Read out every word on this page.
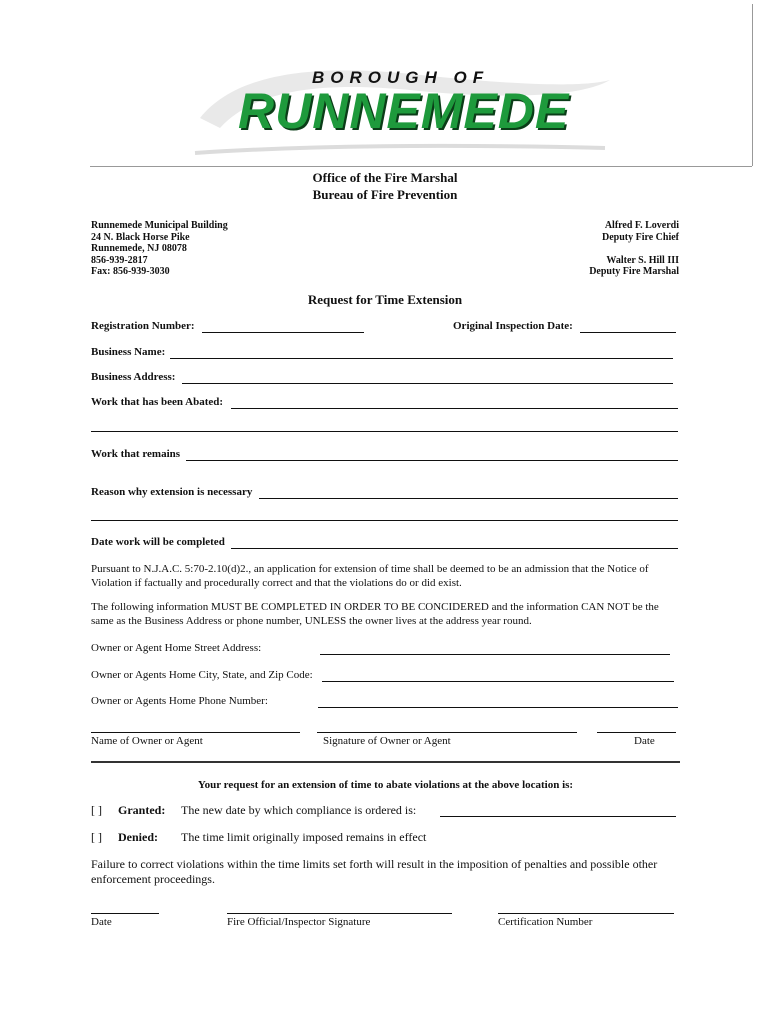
BOROUGH OF
RUNNEMEDE
Office of the Fire Marshal
Bureau of Fire Prevention
Runnemede Municipal Building
24 N. Black Horse Pike
Runnemede, NJ 08078
856-939-2817
Fax: 856-939-3030
Alfred F. Loverdi
Deputy Fire Chief
Walter S. Hill III
Deputy Fire Marshal
Request for Time Extension
Registration Number:	Original Inspection Date:
Business Name:
Business Address:
Work that has been Abated:
Work that remains
Reason why extension is necessary
Date work will be completed
Pursuant to N.J.A.C. 5:70-2.10(d)2., an application for extension of time shall be deemed to be an admission that the Notice of Violation if factually and procedurally correct and that the violations do or did exist.
The following information MUST BE COMPLETED IN ORDER TO BE CONCIDERED and the information CAN NOT be the same as the Business Address or phone number, UNLESS the owner lives at the address year round.
Owner or Agent Home Street Address:
Owner or Agents Home City, State, and Zip Code:
Owner or Agents Home Phone Number:
Name of Owner or Agent	Signature of Owner or Agent	Date
Your request for an extension of time to abate violations at the above location is:
[ ] Granted: The new date by which compliance is ordered is:
[ ] Denied: The time limit originally imposed remains in effect
Failure to correct violations within the time limits set forth will result in the imposition of penalties and possible other enforcement proceedings.
Date	Fire Official/Inspector Signature	Certification Number
